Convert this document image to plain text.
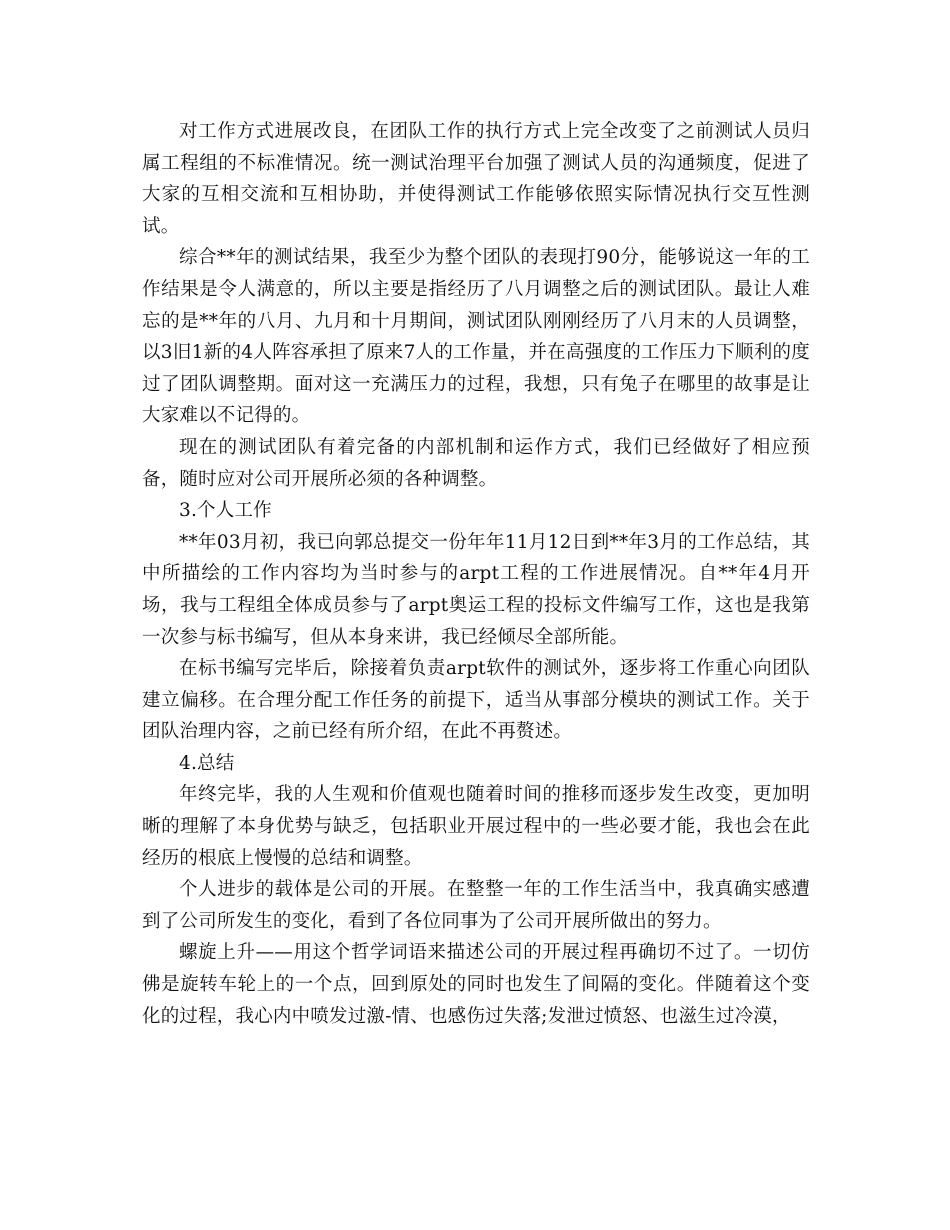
对工作方式进展改良，在团队工作的执行方式上完全改变了之前测试人员归属工程组的不标准情况。统一测试治理平台加强了测试人员的沟通频度，促进了大家的互相交流和互相协助，并使得测试工作能够依照实际情况执行交互性测试。

综合**年的测试结果，我至少为整个团队的表现打90分，能够说这一年的工作结果是令人满意的，所以主要是指经历了八月调整之后的测试团队。最让人难忘的是**年的八月、九月和十月期间，测试团队刚刚经历了八月末的人员调整，以3旧1新的4人阵容承担了原来7人的工作量，并在高强度的工作压力下顺利的度过了团队调整期。面对这一充满压力的过程，我想，只有兔子在哪里的故事是让大家难以不记得的。

现在的测试团队有着完备的内部机制和运作方式，我们已经做好了相应预备，随时应对公司开展所必须的各种调整。

3.个人工作

**年03月初，我已向郭总提交一份年年11月12日到**年3月的工作总结，其中所描绘的工作内容均为当时参与的arpt工程的工作进展情况。自**年4月开场，我与工程组全体成员参与了arpt奥运工程的投标文件编写工作，这也是我第一次参与标书编写，但从本身来讲，我已经倾尽全部所能。

在标书编写完毕后，除接着负责arpt软件的测试外，逐步将工作重心向团队建立偏移。在合理分配工作任务的前提下，适当从事部分模块的测试工作。关于团队治理内容，之前已经有所介绍，在此不再赘述。

4.总结

年终完毕，我的人生观和价值观也随着时间的推移而逐步发生改变，更加明晰的理解了本身优势与缺乏，包括职业开展过程中的一些必要才能，我也会在此经历的根底上慢慢的总结和调整。

个人进步的载体是公司的开展。在整整一年的工作生活当中，我真确实感遭到了公司所发生的变化，看到了各位同事为了公司开展所做出的努力。

螺旋上升——用这个哲学词语来描述公司的开展过程再确切不过了。一切仿佛是旋转车轮上的一个点，回到原处的同时也发生了间隔的变化。伴随着这个变化的过程，我心内中喷发过激-情、也感伤过失落;发泄过愤怒、也滋生过冷漠，
